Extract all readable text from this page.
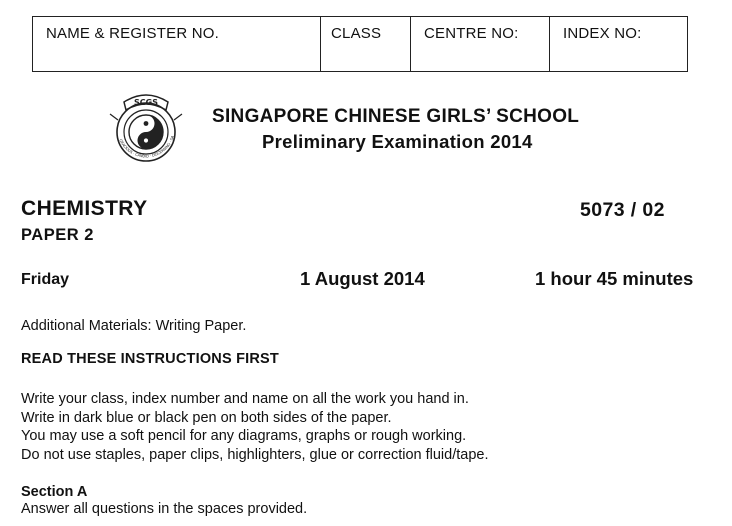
NAME & REGISTER NO.	CLASS	CENTRE NO:	INDEX NO:
SCGS
GRACIOUS · CANDID · DISCERNING · DA
SINGAPORE CHINESE GIRLS’ SCHOOL
Preliminary Examination 2014
CHEMISTRY
PAPER 2
5073 / 02
Friday	1 August 2014	1 hour 45 minutes
Additional Materials: Writing Paper.
READ THESE INSTRUCTIONS FIRST
Write your class, index number and name on all the work you hand in.
Write in dark blue or black pen on both sides of the paper.
You may use a soft pencil for any diagrams, graphs or rough working.
Do not use staples, paper clips, highlighters, glue or correction fluid/tape.
Section A
Answer all questions in the spaces provided.
